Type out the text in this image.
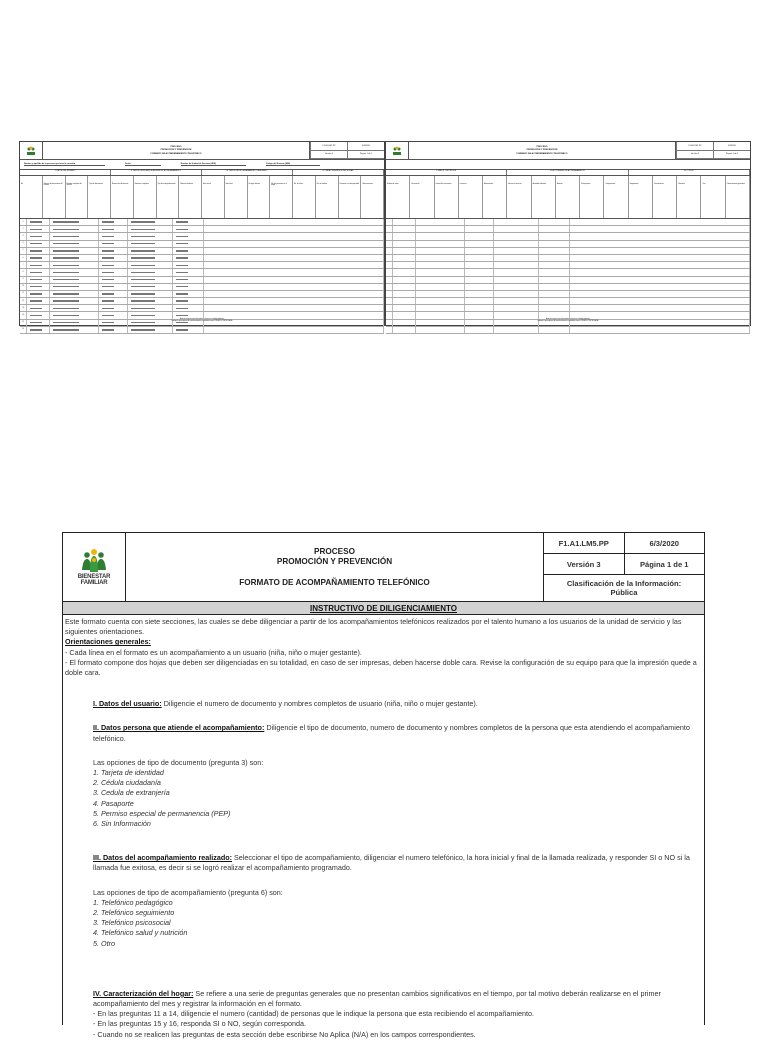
PROCESO
PROMOCIÓN Y PREVENCIÓN
FORMATO DE ACOMPAÑAMIENTO TELEFÓNICO
F1.A1.LM5.PP	6/3/2020
Versión 3	Página 1 de 1
Nombre y apellido de la persona que hace la consulta	Fecha	Nombre de Unidad de Servicio (UDS)	Código del Sistema (SIM)
I. DATOS DEL USUARIO	II. DATOS PERSONA QUE ATIENDE EL ACOMPAÑAMIENTO	III. DATOS DEL ACOMPAÑAMIENTO REALIZADO	IV. CARACTERIZACIÓN DEL HOGAR
No.	Número de documento del usuario
Nombre completo del usuario
Tipo de documento	Número de documento	Nombres completos	Tipo de acompañamiento	Número telefónico	Hora inicial	Hora final	Se logró realizar	No. de personas en el hogar
No. de niños	No. de adultos	Personas con discapacidad	Observaciones
1
2
3
4
5
6
7
8
9
10
11
12
13
14
15
16
Antes de imprimir este documento... piense en el medio ambiente!
Cualquier copia impresa de este documento se considera como COPIA NO CONTROLADA.
PROCESO
PROMOCIÓN Y PREVENCIÓN
FORMATO DE ACOMPAÑAMIENTO TELEFÓNICO
F1.A1.LM5.PP	6/3/2020
Versión 3	Página 1 de 1
V. SALUD Y NUTRICIÓN	VI. ACTIVIDADES DE ACOMPAÑAMIENTO	VII. OTROS
Estado de salud	Vacunación	Control de crecimiento	Lactancia	Alimentación	Acceso a servicios	Actividad realizada	Material	Participantes	Compromisos	Seguimiento	Orientaciones	Remisión	Otro	Observaciones generales
Antes de imprimir este documento... piense en el medio ambiente!
Cualquier copia impresa de este documento se considera como COPIA NO CONTROLADA.
BIENESTAR
FAMILIAR
PROCESO
PROMOCIÓN Y PREVENCIÓN
FORMATO DE ACOMPAÑAMIENTO TELEFÓNICO
F1.A1.LM5.PP	6/3/2020
Versión 3	Página 1 de 1
Clasificación de la Información:
Pública
INSTRUCTIVO DE DILIGENCIAMIENTO

Este formato cuenta con siete secciones, las cuales se debe diligenciar a partir de los acompañamientos telefónicos realizados por el talento humano a los usuarios de la unidad de servicio y las siguientes orientaciones.

Orientaciones generales:

- Cada línea en el formato es un acompañamiento a un usuario (niña, niño o mujer gestante).

- El formato compone dos hojas que deben ser diligenciadas en su totalidad, en caso de ser impresas, deben hacerse doble cara. Revise la configuración de su equipo para que la impresión quede a doble cara.

I. Datos del usuario: Diligencie el numero de documento y nombres completos de usuario (niña, niño o mujer gestante).

II. Datos persona que atiende el acompañamiento: Diligencie el tipo de documento, numero de documento y nombres completos de la persona que esta atendiendo el acompañamiento telefónico.

Las opciones de tipo de documento (pregunta 3) son:

1. Tarjeta de identidad
2. Cédula ciudadanía
3. Cedula de extranjería
4. Pasaporte
5. Permiso especial de permanencia (PEP)
6. Sin Información

III. Datos del acompañamiento realizado: Seleccionar el tipo de acompañamiento, diligenciar el numero telefónico, la hora inicial y final de la llamada realizada, y responder SI o NO si la llamada fue exitosa, es decir si se logró realizar el acompañamiento programado.

Las opciones de tipo de acompañamiento (pregunta 6) son:

1. Telefónico pedagógico
2. Telefónico seguimiento
3. Telefónico psicosocial
4. Telefónico salud y nutrición
5. Otro

IV. Caracterización del hogar: Se refiere a una serie de preguntas generales que no presentan cambios significativos en el tiempo, por tal motivo deberán realizarse en el primer acompañamiento del mes y registrar la información en el formato.

- En las preguntas 11 a 14, diligencie el numero (cantidad) de personas que le indique la persona que esta recibiendo el acompañamiento.

- En las preguntas 15 y 16, responda SI o NO, según corresponda.

- Cuando no se realicen las preguntas de esta sección debe escribirse No Aplica (N/A) en los campos correspondientes.
